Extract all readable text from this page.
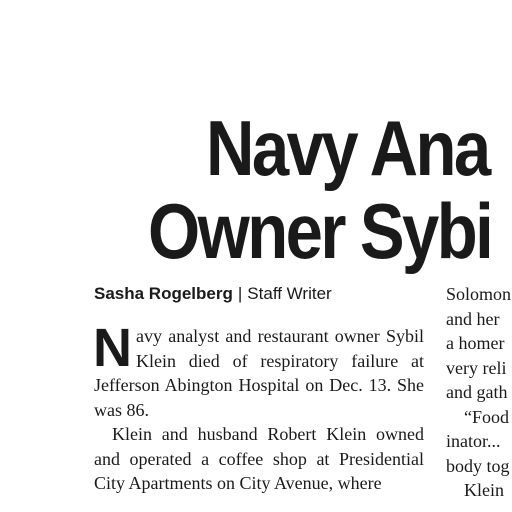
Navy Ana
Owner Sybi
Sasha Rogelberg | Staff Writer

Navy analyst and restaurant owner Sybil Klein died of respiratory failure at Jefferson Abington Hospital on Dec. 13. She was 86.

Klein and husband Robert Klein owned and operated a coffee shop at Presidential City Apartments on City Avenue, where

Solomon
and her
a homer
very reli
and gath
“Food
inator...
body tog
Klein
